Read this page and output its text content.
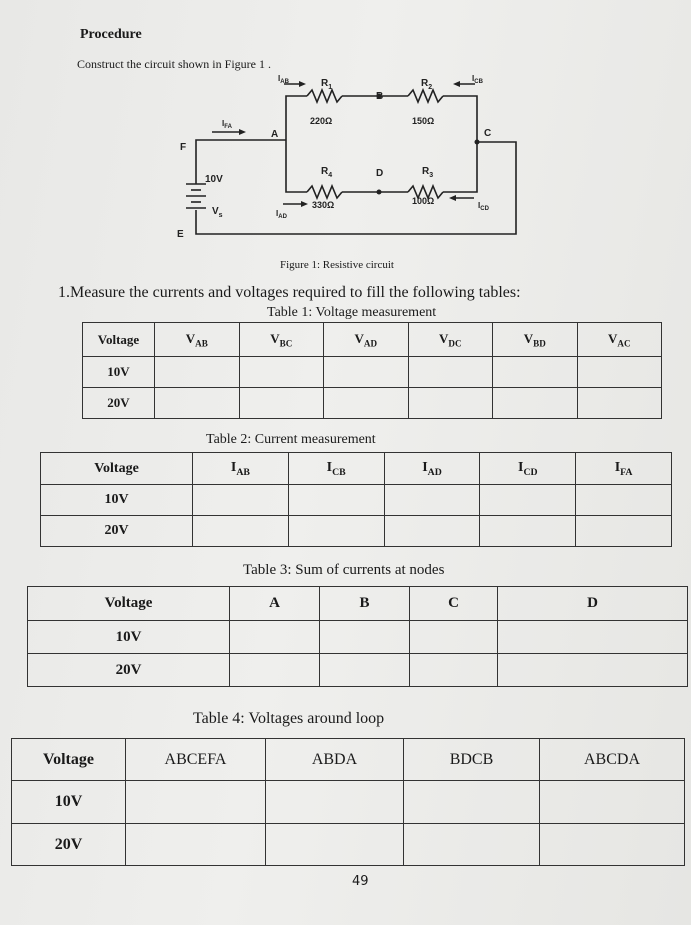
Procedure
Construct the circuit shown in Figure 1 .
A
B
C
D
E
F
10V
$V_s$
$R_1$
220Ω
$R_2$
150Ω
$R_4$
330Ω
$R_3$
100Ω
$I_{AB}$	$I_{CB}$
$I_{FA}$
$I_{AD}$
$I_{CD}$
Figure 1: Resistive circuit
1.Measure the currents and voltages required to fill the following tables:
Table 1: Voltage measurement
Voltage	$V_{AB}$	$V_{BC}$	$V_{AD}$	$V_{DC}$	$V_{BD}$	$V_{AC}$
10V						
20V						
Table 2: Current measurement
Voltage	$I_{AB}$	$I_{CB}$	$I_{AD}$	$I_{CD}$	$I_{FA}$
10V					
20V					
Table 3: Sum of currents at nodes
Voltage	A	B	C	D
10V				
20V				
Table 4: Voltages around loop
Voltage	ABCEFA	ABDA	BDCB	ABCDA
10V				
20V				
49
